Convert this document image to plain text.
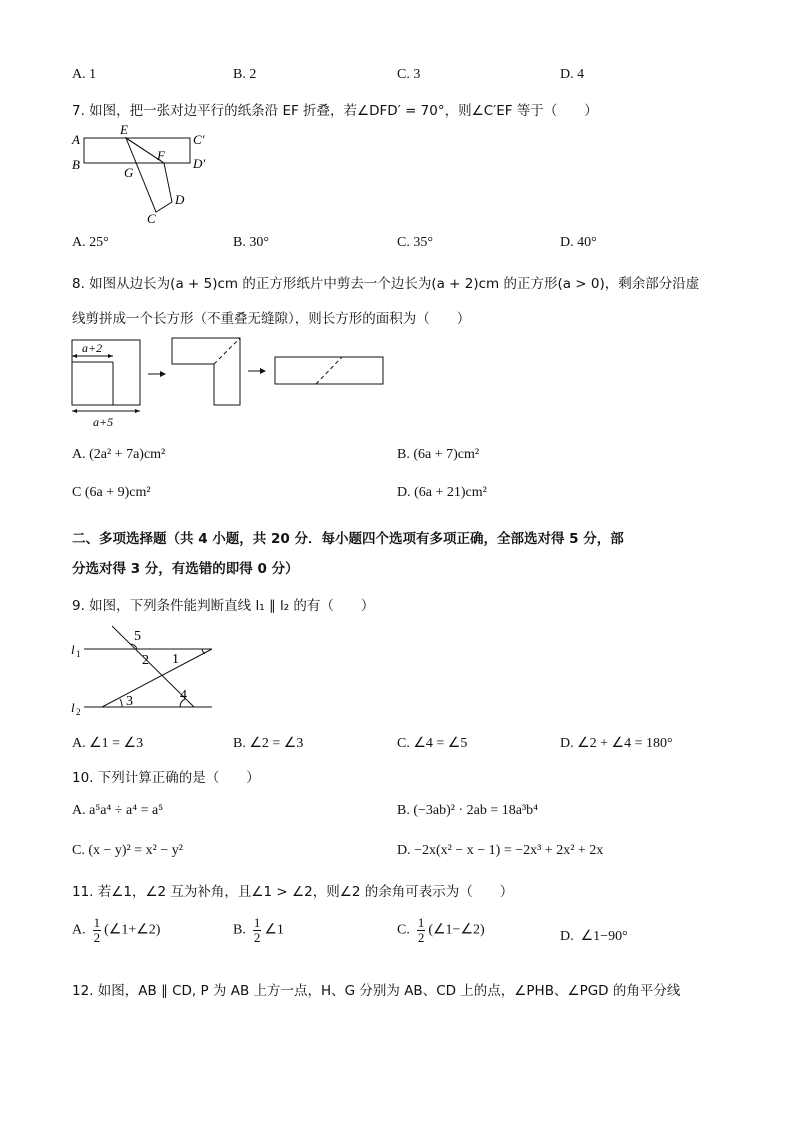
A. 1	B. 2	C. 3	D. 4
7. 如图，把一张对边平行的纸条沿 EF 折叠，若∠DFD′ = 70°，则∠C′EF 等于（　　）
A
B
E
C′
D′
F
G
D
C
A. 25°	B. 30°	C. 35°	D. 40°
8. 如图从边长为(a + 5)cm 的正方形纸片中剪去一个边长为(a + 2)cm 的正方形(a > 0)，剩余部分沿虚
线剪拼成一个长方形（不重叠无缝隙），则长方形的面积为（　　）
a+2
a+5
A. (2a² + 7a)cm²	B. (6a + 7)cm²
C (6a + 9)cm²	D. (6a + 21)cm²
二、多项选择题（共 4 小题，共 20 分．每小题四个选项有多项正确，全部选对得 5 分，部
分选对得 3 分，有选错的即得 0 分）
9. 如图，下列条件能判断直线 l₁ ∥ l₂ 的有（　　）
l 1
l 2
5
2 1
3	4
A. ∠1 = ∠3	B. ∠2 = ∠3	C. ∠4 = ∠5	D. ∠2 + ∠4 = 180°
10. 下列计算正确的是（　　）
A. a⁵a⁴ ÷ a⁴ = a⁵	B. (−3ab)² · 2ab = 18a³b⁴
C. (x − y)² = x² − y²	D. −2x(x² − x − 1) = −2x³ + 2x² + 2x
11. 若∠1，∠2 互为补角，且∠1 > ∠2，则∠2 的余角可表示为（　　）
A. $\frac{1}{2}$ (∠1+∠2)	B. $\frac{1}{2}$ ∠1	C. $\frac{1}{2}$ (∠1−∠2)	D. ∠1−90°
12. 如图，AB ∥ CD, P 为 AB 上方一点，H、G 分别为 AB、CD 上的点，∠PHB、∠PGD 的角平分线
